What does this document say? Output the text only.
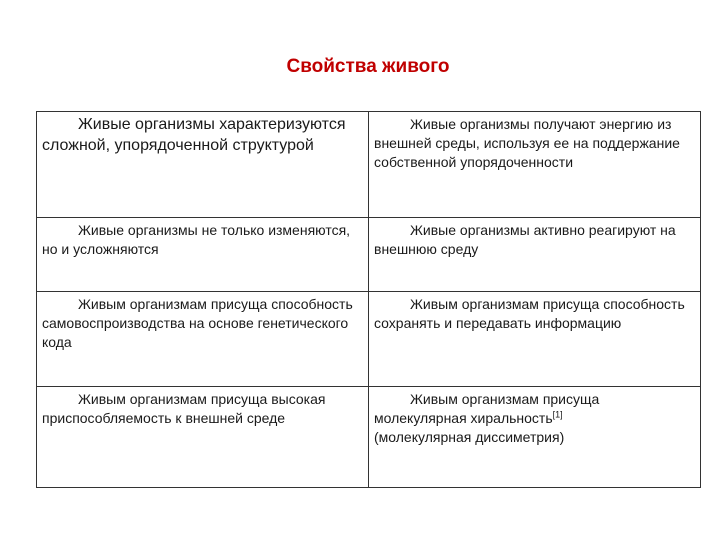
Свойства живого
Живые организмы характеризуются сложной, упорядоченной структурой	Живые организмы получают энергию из внешней среды, используя ее на поддержание собственной упорядоченности
Живые организмы не только изменяются, но и усложняются	Живые организмы активно реагируют на внешнюю среду
Живым организмам присуща способность самовоспроизводства на основе генетического кода	Живым организмам присуща способность сохранять и передавать информацию
Живым организмам присуща высокая приспособляемость к внешней среде	Живым организмам присуща молекулярная хиральность[1]
(молекулярная диссиметрия)
